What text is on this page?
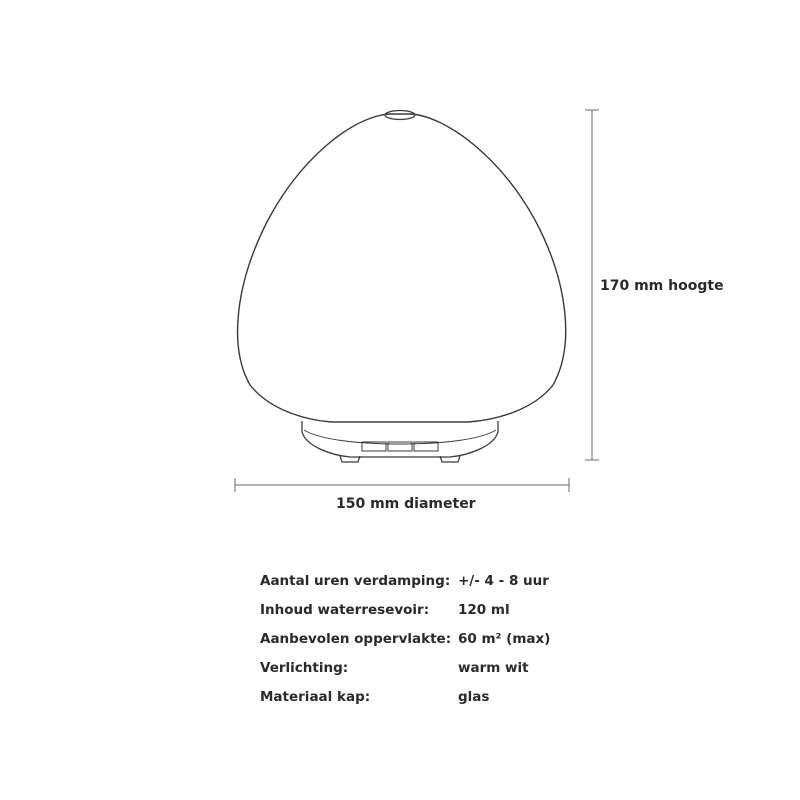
170 mm hoogte
150 mm diameter
Aantal uren verdamping: +/- 4 - 8 uur
Inhoud waterresevoir:	120 ml
Aanbevolen oppervlakte: 60 m² (max)
Verlichting:	warm wit
Materiaal kap:	glas
